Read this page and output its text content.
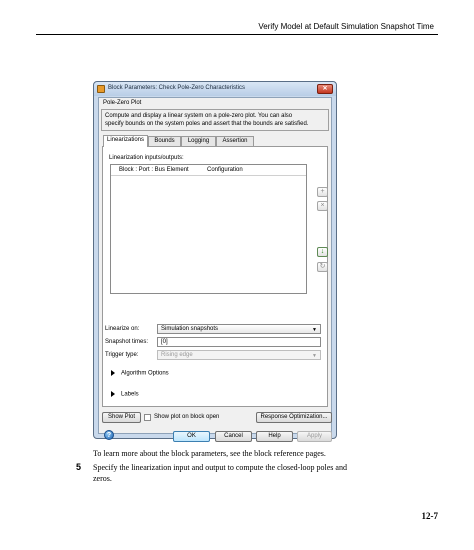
Verify Model at Default Simulation Snapshot Time
Block Parameters: Check Pole-Zero Characteristics	✕
Pole-Zero Plot
Compute and display a linear system on a pole-zero plot. You can also
specify bounds on the system poles and assert that the bounds are satisfied.
Linearizations	Bounds	Logging	Assertion
Linearization inputs/outputs:
Block : Port : Bus Element	Configuration
+
×
↓
↻
Linearize on:	Simulation snapshots	▼
Snapshot times:	[0]
Trigger type:	Rising edge	▼
Algorithm Options
Labels
Show Plot	Show plot on block open	Response Optimization...
?	OK	Cancel	Help	Apply
To learn more about the block parameters, see the block reference pages.
5 Specify the linearization input and output to compute the closed-loop poles and
zeros.
12-7
